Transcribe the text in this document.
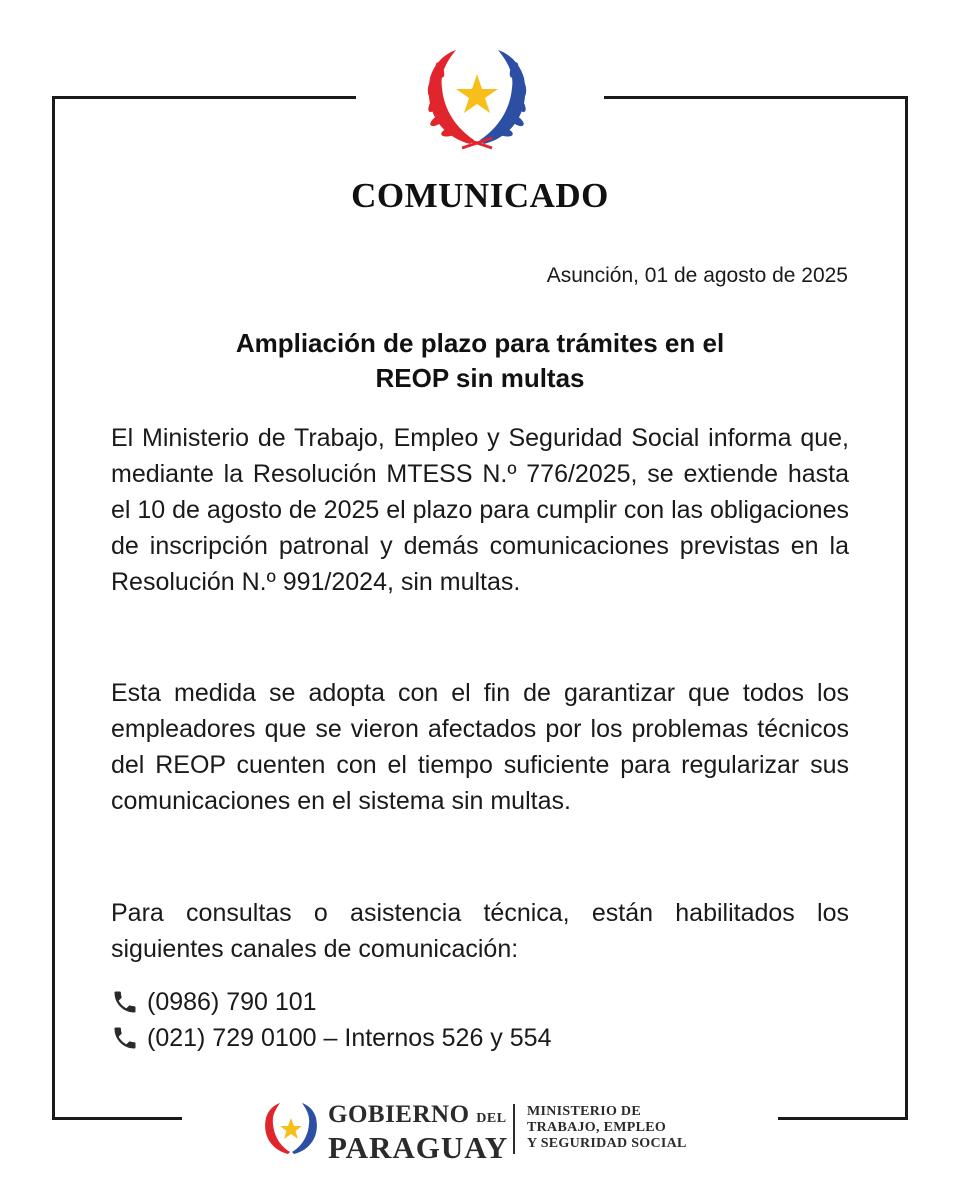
COMUNICADO
Asunción, 01 de agosto de 2025
Ampliación de plazo para trámites en el
REOP sin multas
El Ministerio de Trabajo, Empleo y Seguridad Social informa que, mediante la Resolución MTESS N.º 776/2025, se extiende hasta el 10 de agosto de 2025 el plazo para cumplir con las obligaciones de inscripción patronal y demás comunicaciones previstas en la Resolución N.º 991/2024, sin multas.
Esta medida se adopta con el fin de garantizar que todos los empleadores que se vieron afectados por los problemas técnicos del REOP cuenten con el tiempo suficiente para regularizar sus comunicaciones en el sistema sin multas.
Para consultas o asistencia técnica, están habilitados los siguientes canales de comunicación:
(0986) 790 101
(021) 729 0100 – Internos 526 y 554
GOBIERNO DEL
PARAGUAY
MINISTERIO DE
TRABAJO, EMPLEO
Y SEGURIDAD SOCIAL
